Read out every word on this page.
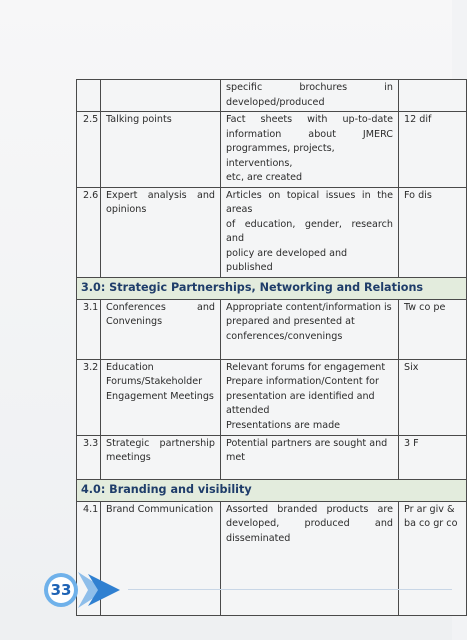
		specific brochures in
developed/produced	

2.5	Talking points	Fact sheets with up-to-date
information about JMERC
programmes, projects, interventions,
etc, are created	12 dif
2.6	Expert analysis and opinions	Articles on topical issues in the areas
of education, gender, research and
policy are developed and published	Fo dis
3.0: Strategic Partnerships, Networking and Relations			
3.1	Conferences and Convenings	Appropriate content/information is
prepared and presented at
conferences/convenings	Tw co pe
3.2	Education Forums/Stakeholder Engagement Meetings	Relevant forums for engagement
Prepare information/Content for
presentation are identified and
attended
Presentations are made	Six
3.3	Strategic partnership meetings	Potential partners are sought and
met	3 F
4.0: Branding and visibility			
4.1	Brand Communication	Assorted branded products are
developed, produced and
disseminated	Pr ar giv & ba co gr co
33
